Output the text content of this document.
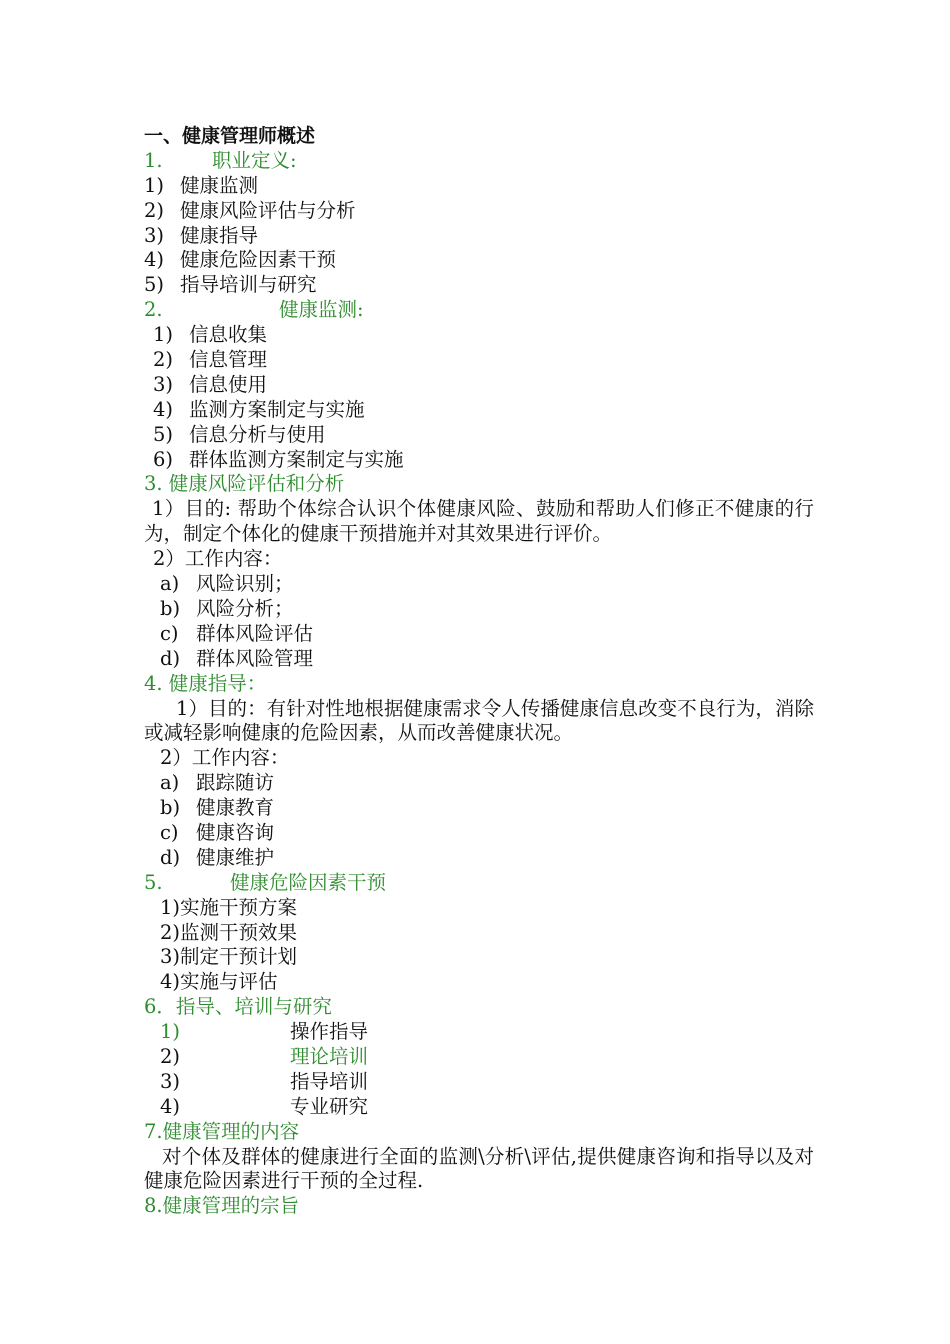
一、健康管理师概述
1.	职业定义:
1) 健康监测
2) 健康风险评估与分析
3) 健康指导
4) 健康危险因素干预
5) 指导培训与研究
2.	健康监测:
1) 信息收集
2) 信息管理
3) 信息使用
4) 监测方案制定与实施
5) 信息分析与使用
6) 群体监测方案制定与实施
3. 健康风险评估和分析
1）目的: 帮助个体综合认识个体健康风险、鼓励和帮助人们修正不健康的行为，制定个体化的健康干预措施并对其效果进行评价。
2）工作内容：
a) 风险识别；
b) 风险分析；
c) 群体风险评估
d) 群体风险管理
4. 健康指导：
1）目的：有针对性地根据健康需求令人传播健康信息改变不良行为，消除或减轻影响健康的危险因素，从而改善健康状况。
2）工作内容：
a) 跟踪随访
b) 健康教育
c) 健康咨询
d) 健康维护
5.	健康危险因素干预
1)实施干预方案
2)监测干预效果
3)制定干预计划
4)实施与评估
6．指导、培训与研究
1)	操作指导
2)	理论培训
3)	指导培训
4)	专业研究
7.健康管理的内容
对个体及群体的健康进行全面的监测\分析\评估,提供健康咨询和指导以及对健康危险因素进行干预的全过程.
8.健康管理的宗旨
